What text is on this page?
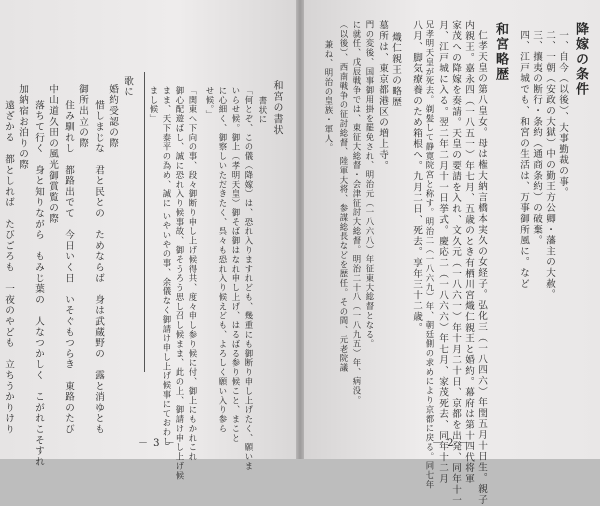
降嫁の条件

一、自今（以後）、大事勤裁の事。

二、一朝（安政の大獄）中の勤王方公卿・藩主の大赦。

三、攘夷の断行・条約（通商条約）の破棄。

四、江戸城でも、和宮の生活は、万事御所風に。など

和宮略歴

仁孝天皇の第八皇女。母は権大納言橋本実久の女経子。弘化三（一八四六）年閏五月十日生。親子

内親王。嘉永四（一八五一）年七月、五歳のとき有栖川宮熾仁親王と婚約。幕府は第十四代将軍

家茂への降嫁を奏請。天皇の要請を入れ、文久元（一八六一）年十月二十日、京都を出発、同年十一

月、江戸城に入る。翌二年二月十一日挙式。慶応二（一八六六）年七月、家茂死去、同年十二月

兄孝明天皇が死去。剃髪して静寛院宮と称す。明治二（一八六九）年、朝廷側の求めにより京都に戻る。同七年

八月、脚気療養のため箱根へ。九月二日、死去。享年三十二歳。

熾仁親王の略歴

墓所は、東京都港区の増上寺。

門の変後、国事御用掛を罷免され、明治元（一八六八）年征東大総督となる。

に就任、戊辰戦争では、東征大総督・会津征討大総督。明治二十八（一八九五）年、病没。

（以後）、西南戦争の征討総督、陸軍大将、参謀総長などを歴任。その間、元老院議

兼ね、明治の皇族・軍人。

－ 2 －

和宮の書状

書状に

「何とぞ、この儀（降嫁）は、恐れ入りますれども、幾重にも御断り申し上げたく、願いま

いらせ候。御上（孝明天皇）御そば御はなれ申し上げ、はるばる参り候こと、まこと

に心細く、御察しいただきたく、呉々も恐れ入り候えども、よろしく願い入り参ら

せ候。」

「関東へ下向の事、段々御断り申し上げ候得共、度々申し参り候に付、御上にもかれこれ

御心配遊ばし、誠に恐れ入り候事故、御そうろう思し召し候まま、此の上、御請け申し上げ候

まま、天下泰平の為め、誠に いやいやの事、余儀なく御請け申し上げ候事にておわし

まし候」

歌に

婚約受認の際

惜しまじな　君と民との　ためならば　身は武蔵野の　露と消ゆとも

御所出立の際

住み馴れし　都路出でて　今日いく日　いそぐもつらき　東路のたび

中山道久田の風光御賞覧の際

落ちて行く　身と知りながら　もみじ葉の　人なつかしく　こがれこそすれ

加納宿お泊りの際

遠ざかる　都としれば　たびごろも　一夜のやども　立ちうかりけり
－ 3 －
